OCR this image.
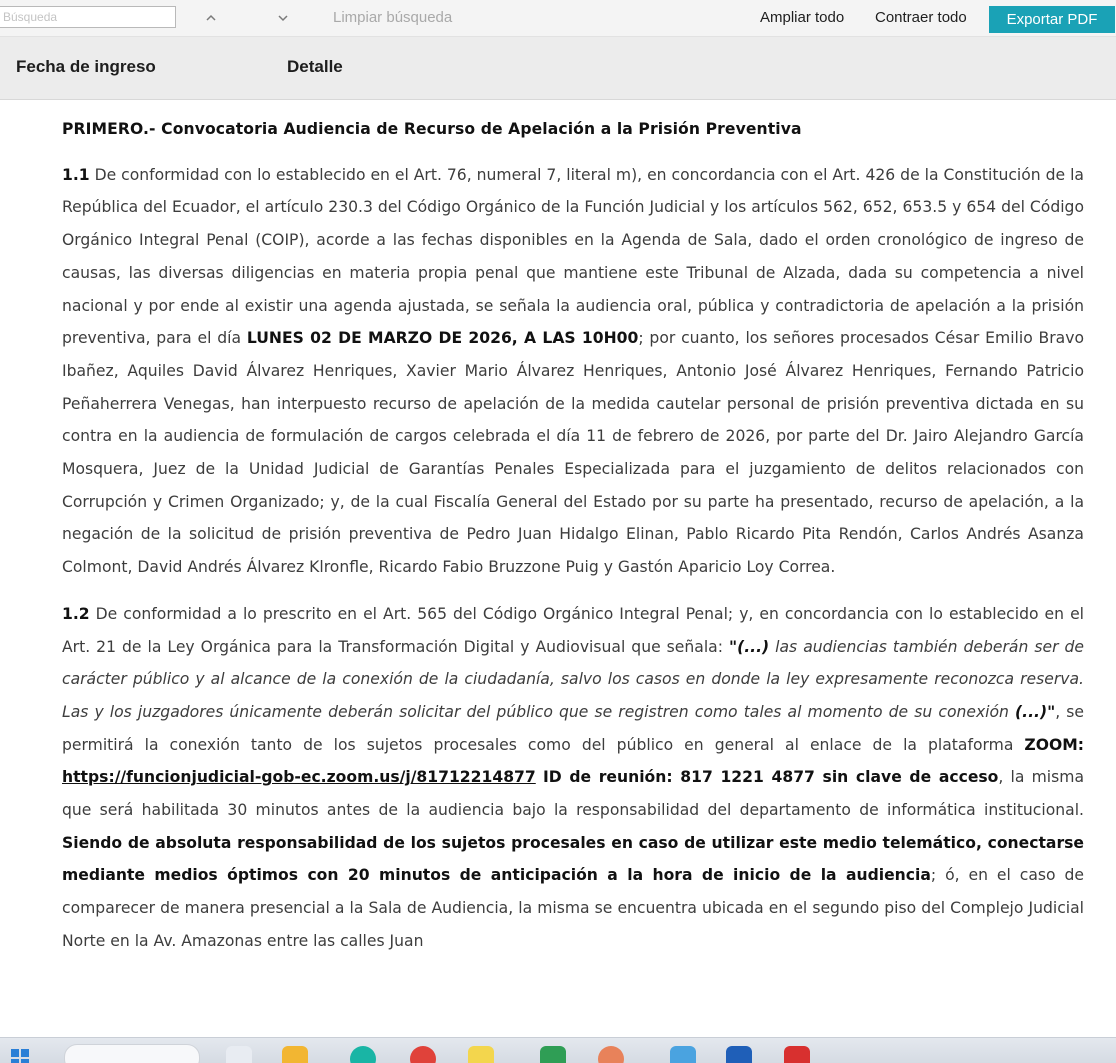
Búsqueda
Limpiar búsqueda	Ampliar todo Contraer todo	Exportar PDF
Fecha de ingreso	Detalle
PRIMERO.- Convocatoria Audiencia de Recurso de Apelación a la Prisión Preventiva

1.1 De conformidad con lo establecido en el Art. 76, numeral 7, literal m), en concordancia con el Art. 426 de la Constitución de la República del Ecuador, el artículo 230.3 del Código Orgánico de la Función Judicial y los artículos 562, 652, 653.5 y 654 del Código Orgánico Integral Penal (COIP), acorde a las fechas disponibles en la Agenda de Sala, dado el orden cronológico de ingreso de causas, las diversas diligencias en materia propia penal que mantiene este Tribunal de Alzada, dada su competencia a nivel nacional y por ende al existir una agenda ajustada, se señala la audiencia oral, pública y contradictoria de apelación a la prisión preventiva, para el día LUNES 02 DE MARZO DE 2026, A LAS 10H00; por cuanto, los señores procesados César Emilio Bravo Ibañez, Aquiles David Álvarez Henriques, Xavier Mario Álvarez Henriques, Antonio José Álvarez Henriques, Fernando Patricio Peñaherrera Venegas, han interpuesto recurso de apelación de la medida cautelar personal de prisión preventiva dictada en su contra en la audiencia de formulación de cargos celebrada el día 11 de febrero de 2026, por parte del Dr. Jairo Alejandro García Mosquera, Juez de la Unidad Judicial de Garantías Penales Especializada para el juzgamiento de delitos relacionados con Corrupción y Crimen Organizado; y, de la cual Fiscalía General del Estado por su parte ha presentado, recurso de apelación, a la negación de la solicitud de prisión preventiva de Pedro Juan Hidalgo Elinan, Pablo Ricardo Pita Rendón, Carlos Andrés Asanza Colmont, David Andrés Álvarez Klronfle, Ricardo Fabio Bruzzone Puig y Gastón Aparicio Loy Correa.

1.2 De conformidad a lo prescrito en el Art. 565 del Código Orgánico Integral Penal; y, en concordancia con lo establecido en el Art. 21 de la Ley Orgánica para la Transformación Digital y Audiovisual que señala: "(...) las audiencias también deberán ser de carácter público y al alcance de la conexión de la ciudadanía, salvo los casos en donde la ley expresamente reconozca reserva. Las y los juzgadores únicamente deberán solicitar del público que se registren como tales al momento de su conexión (...)", se permitirá la conexión tanto de los sujetos procesales como del público en general al enlace de la plataforma ZOOM: https://funcionjudicial-gob-ec.zoom.us/j/81712214877 ID de reunión: 817 1221 4877 sin clave de acceso, la misma que será habilitada 30 minutos antes de la audiencia bajo la responsabilidad del departamento de informática institucional. Siendo de absoluta responsabilidad de los sujetos procesales en caso de utilizar este medio telemático, conectarse mediante medios óptimos con 20 minutos de anticipación a la hora de inicio de la audiencia; ó, en el caso de comparecer de manera presencial a la Sala de Audiencia, la misma se encuentra ubicada en el segundo piso del Complejo Judicial Norte en la Av. Amazonas entre las calles Juan
